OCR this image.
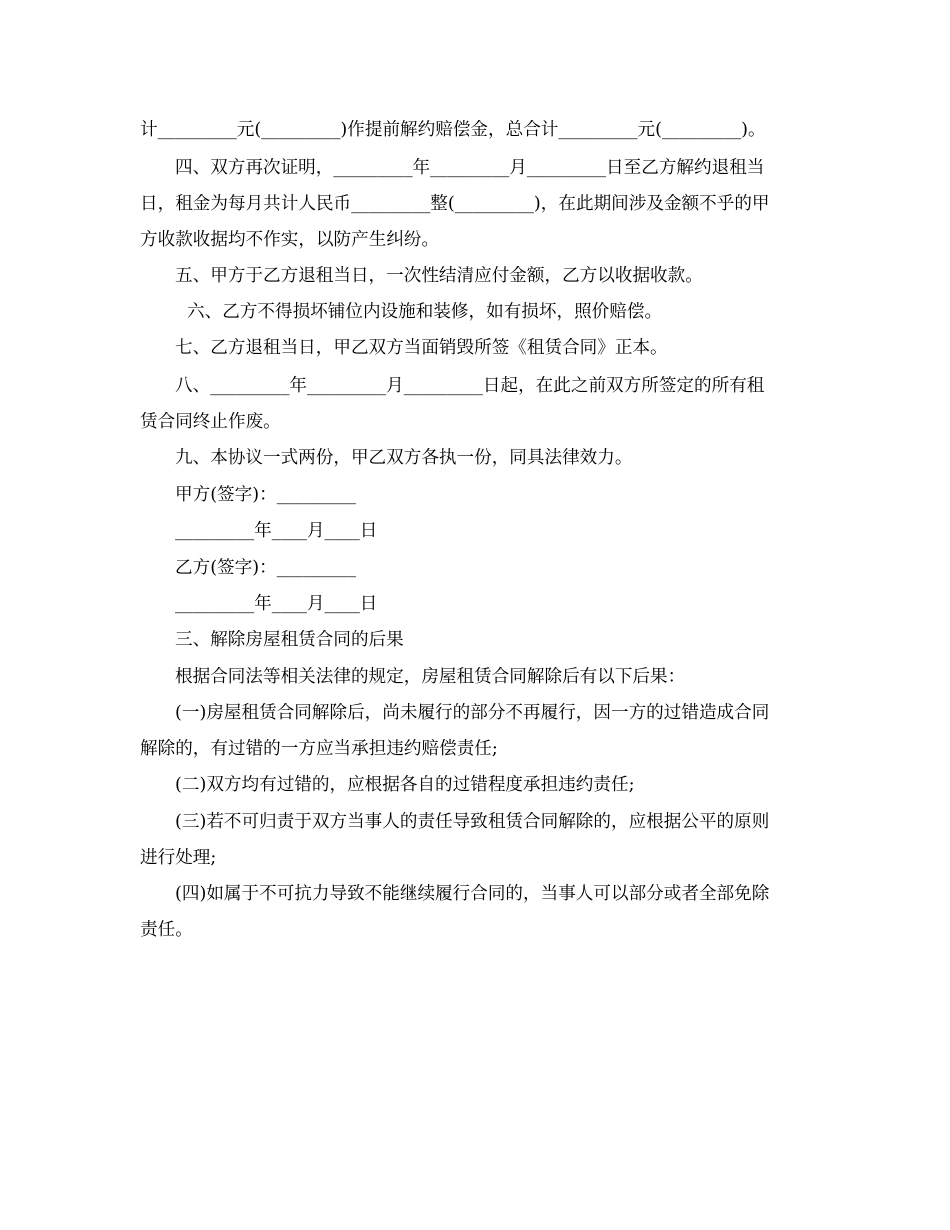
计_________元(_________)作提前解约赔偿金，总合计_________元(_________)。
四、双方再次证明，_________年_________月_________日至乙方解约退租当
日，租金为每月共计人民币_________整(_________)，在此期间涉及金额不乎的甲
方收款收据均不作实，以防产生纠纷。
五、甲方于乙方退租当日，一次性结清应付金额，乙方以收据收款。
六、乙方不得损坏铺位内设施和装修，如有损坏，照价赔偿。
七、乙方退租当日，甲乙双方当面销毁所签《租赁合同》正本。
八、_________年_________月_________日起，在此之前双方所签定的所有租
赁合同终止作废。
九、本协议一式两份，甲乙双方各执一份，同具法律效力。
甲方(签字)：_________
_________年____月____日
乙方(签字)：_________
_________年____月____日
三、解除房屋租赁合同的后果
根据合同法等相关法律的规定，房屋租赁合同解除后有以下后果：
(一)房屋租赁合同解除后，尚未履行的部分不再履行，因一方的过错造成合同
解除的，有过错的一方应当承担违约赔偿责任;
(二)双方均有过错的，应根据各自的过错程度承担违约责任;
(三)若不可归责于双方当事人的责任导致租赁合同解除的，应根据公平的原则
进行处理;
(四)如属于不可抗力导致不能继续履行合同的，当事人可以部分或者全部免除
责任。
